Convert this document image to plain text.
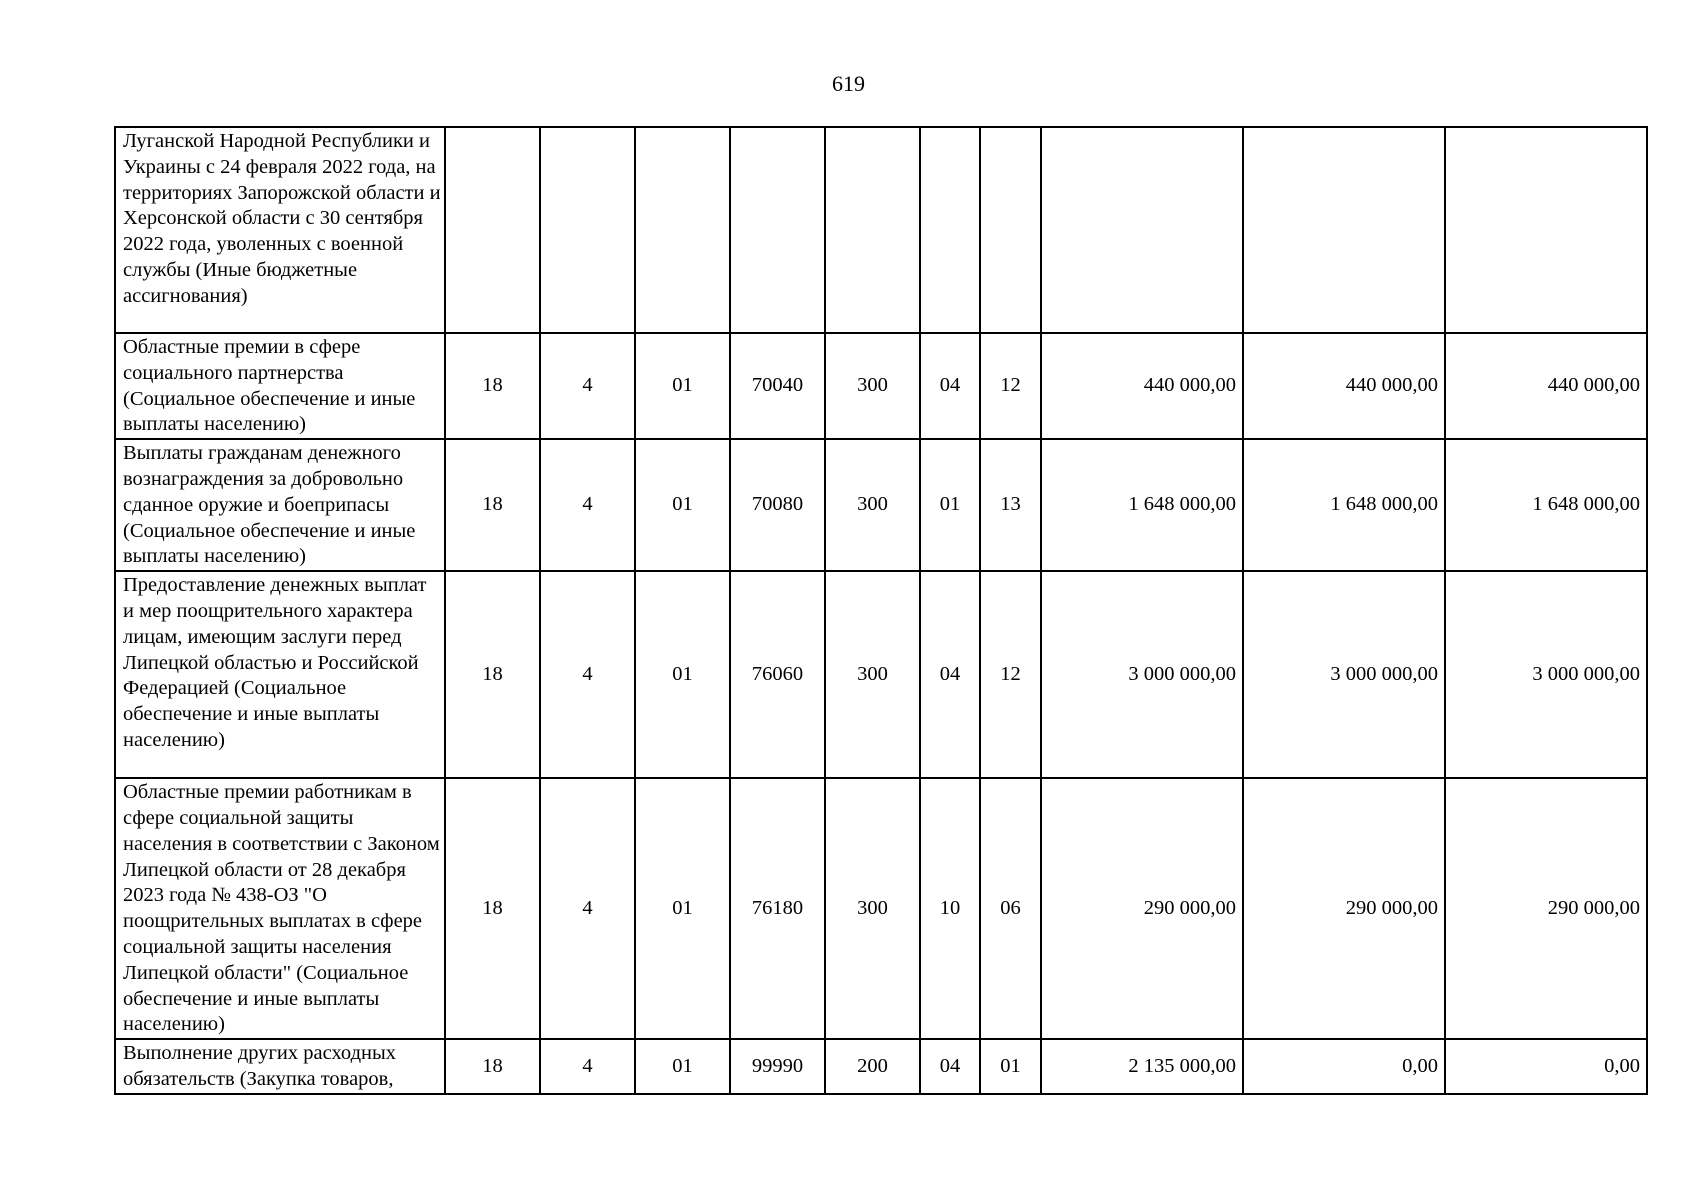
619
Луганской Народной Республики и Украины с 24 февраля 2022 года, на территориях Запорожской области и Херсонской области с 30 сентября 2022 года, уволенных с военной службы (Иные бюджетные ассигнования)										
Областные премии в сфере социального партнерства (Социальное обеспечение и иные выплаты населению)	18	4	01	70040	300	04	12	440 000,00	440 000,00	440 000,00
Выплаты гражданам денежного вознаграждения за добровольно сданное оружие и боеприпасы (Социальное обеспечение и иные выплаты населению)	18	4	01	70080	300	01	13	1 648 000,00	1 648 000,00	1 648 000,00
Предоставление денежных выплат и мер поощрительного характера лицам, имеющим заслуги перед Липецкой областью и Российской Федерацией (Социальное обеспечение и иные выплаты населению)	18	4	01	76060	300	04	12	3 000 000,00	3 000 000,00	3 000 000,00
Областные премии работникам в сфере социальной защиты населения в соответствии с Законом Липецкой области от 28 декабря 2023 года № 438-ОЗ "О поощрительных выплатах в сфере социальной защиты населения Липецкой области" (Социальное обеспечение и иные выплаты населению)	18	4	01	76180	300	10	06	290 000,00	290 000,00	290 000,00
Выполнение других расходных обязательств (Закупка товаров,	18	4	01	99990	200	04	01	2 135 000,00	0,00	0,00
